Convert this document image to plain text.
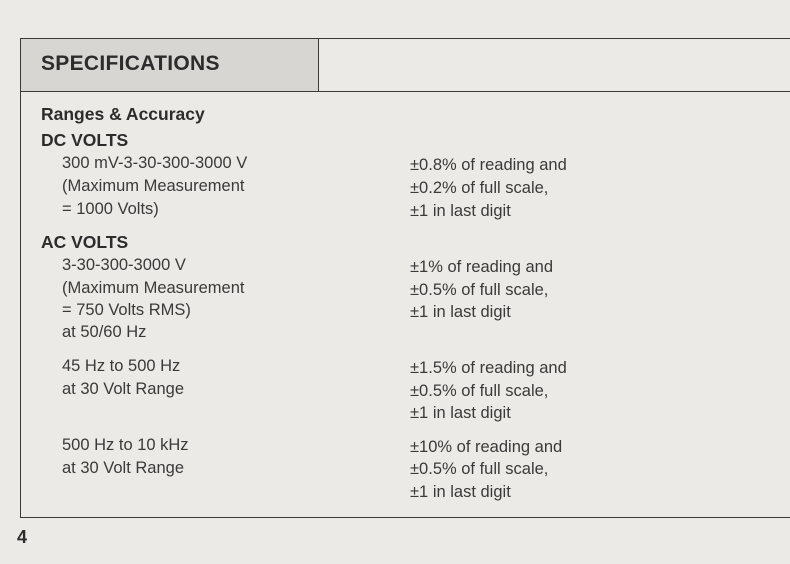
SPECIFICATIONS
Ranges & Accuracy
DC VOLTS
300 mV-3-30-300-3000 V
(Maximum Measurement
= 1000 Volts)
±0.8% of reading and
±0.2% of full scale,
±1 in last digit
AC VOLTS
3-30-300-3000 V
(Maximum Measurement
= 750 Volts RMS)
at 50/60 Hz
±1% of reading and
±0.5% of full scale,
±1 in last digit
45 Hz to 500 Hz
at 30 Volt Range
±1.5% of reading and
±0.5% of full scale,
±1 in last digit
500 Hz to 10 kHz
at 30 Volt Range
±10% of reading and
±0.5% of full scale,
±1 in last digit
4
